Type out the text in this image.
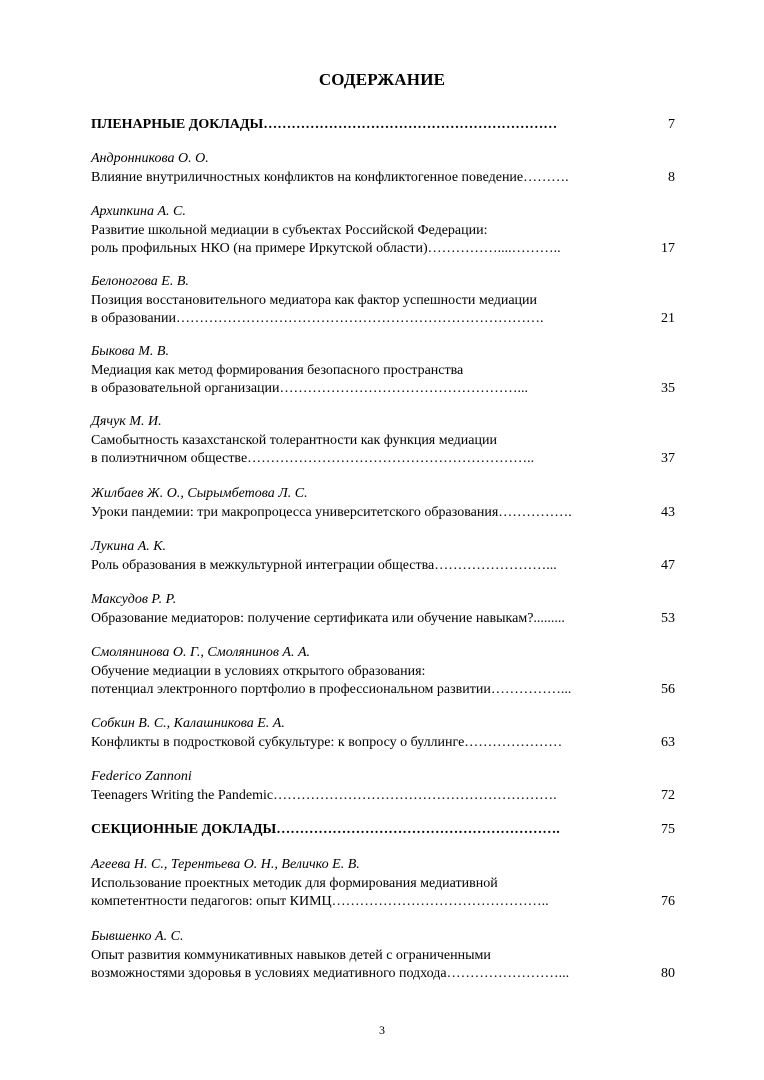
СОДЕРЖАНИЕ
ПЛЕНАРНЫЕ ДОКЛАДЫ………………………………………………………	7
Андронникова О. О.
Влияние внутриличностных конфликтов на конфликтогенное поведение……….	8
Архипкина А. С.
Развитие школьной медиации в субъектах Российской Федерации:
роль профильных НКО (на примере Иркутской области)……………....………..	17
Белоногова Е. В.
Позиция восстановительного медиатора как фактор успешности медиации
в образовании…………………………………………………………………….	21
Быкова М. В.
Медиация как метод формирования безопасного пространства
в образовательной организации……………………………………………...	35
Дячук М. И.
Самобытность казахстанской толерантности как функция медиации
в полиэтничном обществе……………………………………………………..	37
Жилбаев Ж. О., Сырымбетова Л. С.
Уроки пандемии: три макропроцесса университетского образования…………….	43
Лукина А. К.
Роль образования в межкультурной интеграции общества……………………...	47
Максудов Р. Р.
Образование медиаторов: получение сертификата или обучение навыкам?.........	53
Смолянинова О. Г., Смолянинов А. А.
Обучение медиации в условиях открытого образования:
потенциал электронного портфолио в профессиональном развитии……………...	56
Собкин В. С., Калашникова Е. А.
Конфликты в подростковой субкультуре: к вопросу о буллинге…………………	63
Federico Zannoni
Teenagers Writing the Pandemic…………………………………………………….	72
СЕКЦИОННЫЕ ДОКЛАДЫ…………………………………………………….	75
Агеева Н. С., Терентьева О. Н., Величко Е. В.
Использование проектных методик для формирования медиативной
компетентности педагогов: опыт КИМЦ………………………………………..	76
Бывшенко А. С.
Опыт развития коммуникативных навыков детей с ограниченными
возможностями здоровья в условиях медиативного подхода……………………...	80
3
